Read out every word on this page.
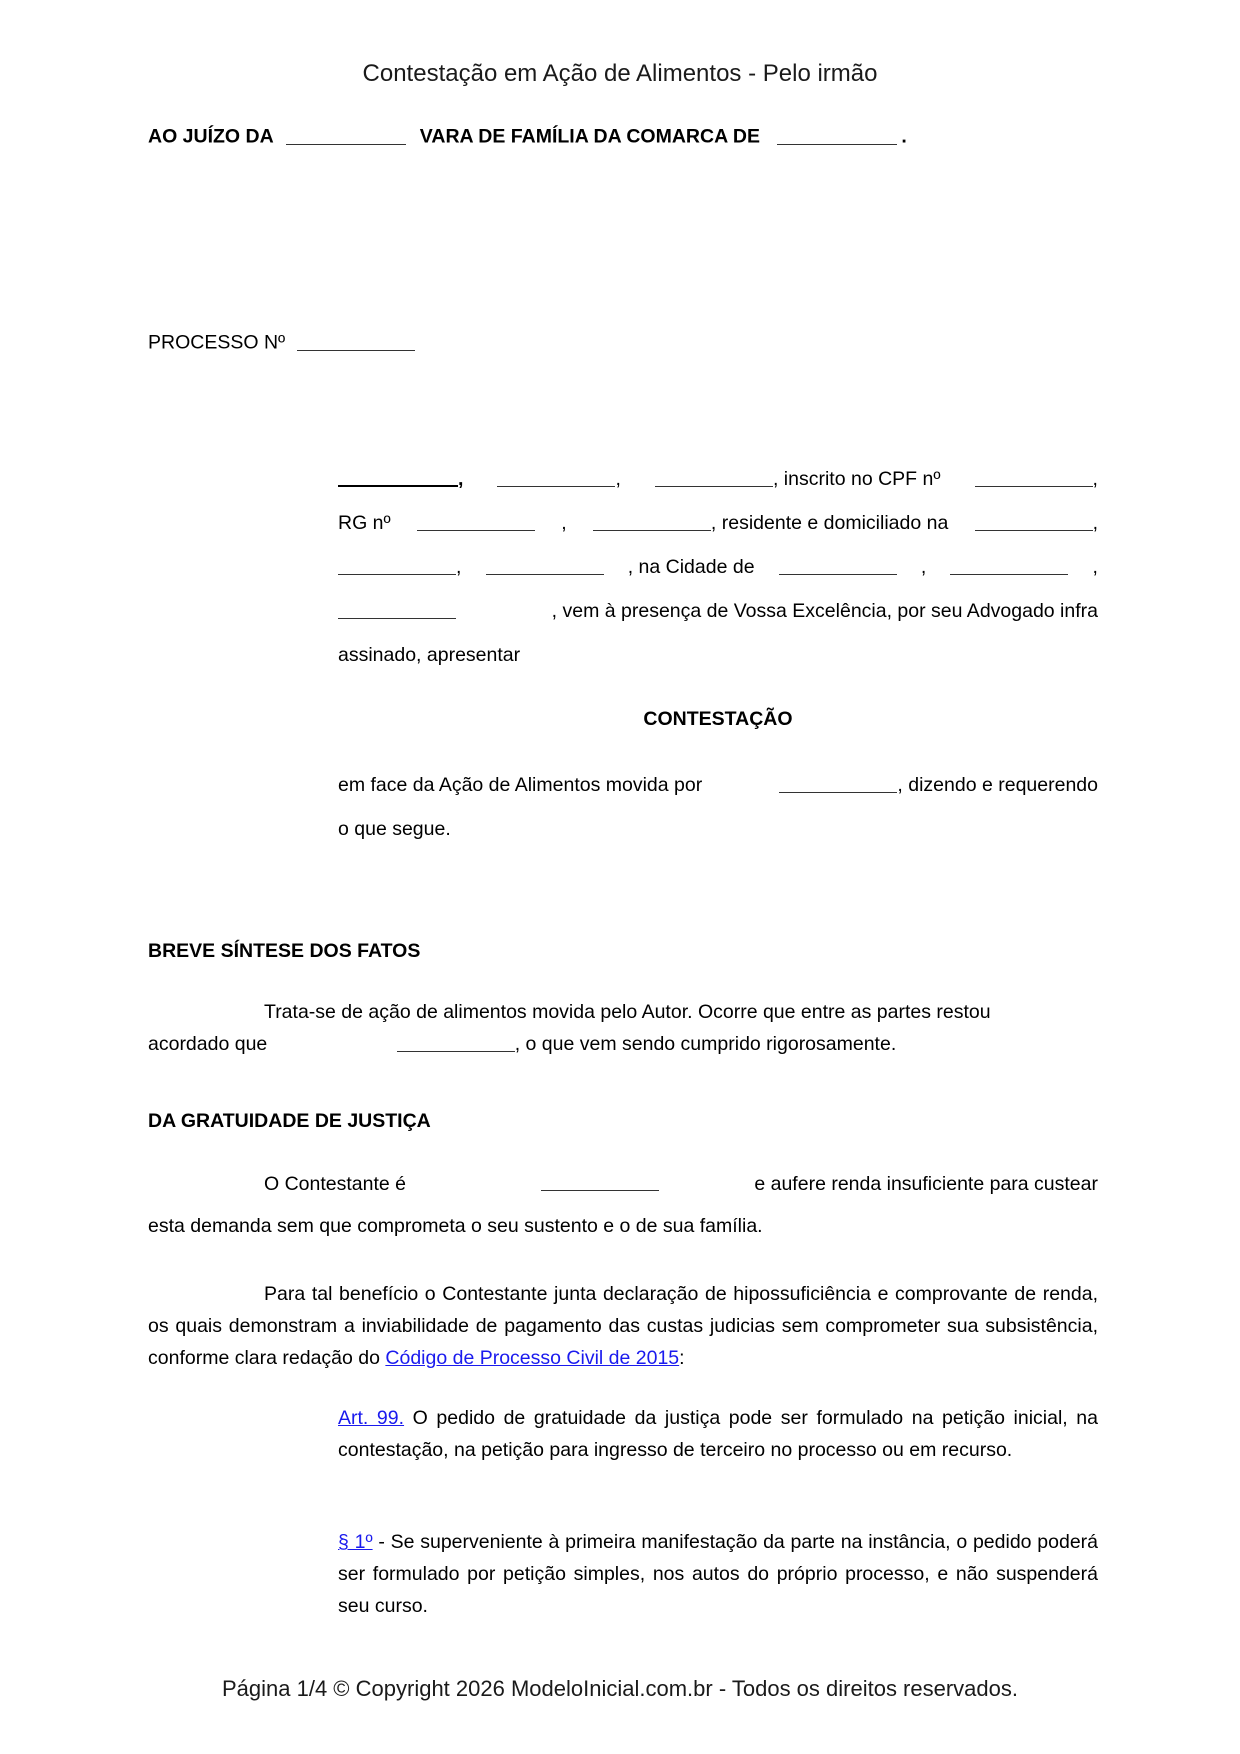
Contestação em Ação de Alimentos - Pelo irmão
AO JUÍZO DA	VARA DE FAMÍLIA DA COMARCA DE	.
PROCESSO Nº
,	,	, inscrito no CPF nº	,
RG nº	,	, residente e domiciliado na	,
,	, na Cidade de	,	,
, vem à presença de Vossa Excelência, por seu Advogado infra
assinado, apresentar
CONTESTAÇÃO
em face da Ação de Alimentos movida por	, dizendo e requerendo
o que segue.
BREVE SÍNTESE DOS FATOS
Trata-se de ação de alimentos movida pelo Autor. Ocorre que entre as partes restou
acordado que	, o que vem sendo cumprido rigorosamente.
DA GRATUIDADE DE JUSTIÇA
O Contestante é	e aufere renda insuficiente para custear
esta demanda sem que comprometa o seu sustento e o de sua família.
Para tal benefício o Contestante junta declaração de hipossuficiência e comprovante de renda, os quais demonstram a inviabilidade de pagamento das custas judicias sem comprometer sua subsistência, conforme clara redação do Código de Processo Civil de 2015:
Art. 99. O pedido de gratuidade da justiça pode ser formulado na petição inicial, na contestação, na petição para ingresso de terceiro no processo ou em recurso.
§ 1º - Se superveniente à primeira manifestação da parte na instância, o pedido poderá ser formulado por petição simples, nos autos do próprio processo, e não suspenderá seu curso.
Página 1/4 © Copyright 2026 ModeloInicial.com.br - Todos os direitos reservados.
